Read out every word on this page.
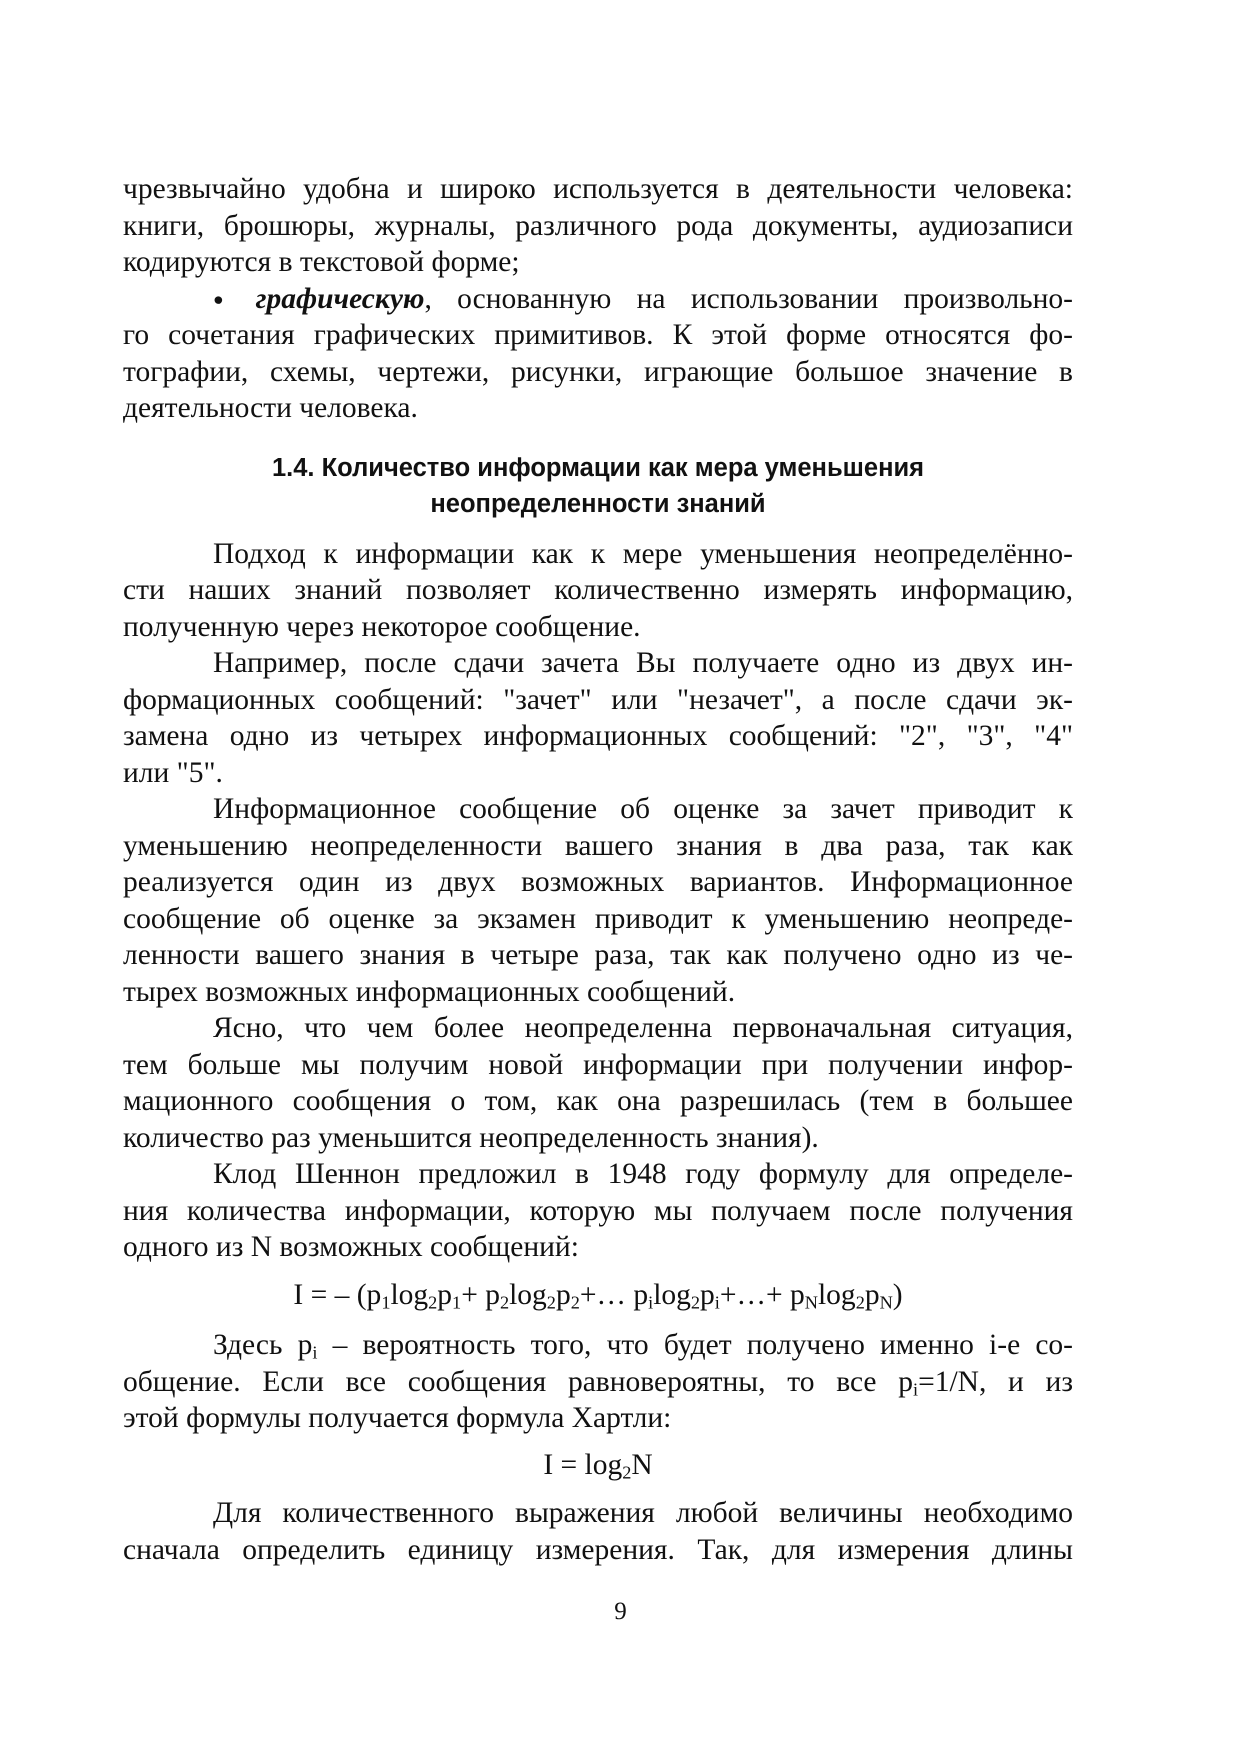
чрезвычайно удобна и широко используется в деятельности человека:
книги, брошюры, журналы, различного рода документы, аудиозаписи
кодируются в текстовой форме;
● графическую, основанную на использовании произвольно-
го сочетания графических примитивов. К этой форме относятся фо-
тографии, схемы, чертежи, рисунки, играющие большое значение в
деятельности человека.
1.4. Количество информации как мера уменьшения
неопределенности знаний
Подход к информации как к мере уменьшения неопределённо-
сти наших знаний позволяет количественно измерять информацию,
полученную через некоторое сообщение.
Например, после сдачи зачета Вы получаете одно из двух ин-
формационных сообщений: "зачет" или "незачет", а после сдачи эк-
замена одно из четырех информационных сообщений: "2", "3", "4"
или "5".
Информационное сообщение об оценке за зачет приводит к
уменьшению неопределенности вашего знания в два раза, так как
реализуется один из двух возможных вариантов. Информационное
сообщение об оценке за экзамен приводит к уменьшению неопреде-
ленности вашего знания в четыре раза, так как получено одно из че-
тырех возможных информационных сообщений.
Ясно, что чем более неопределенна первоначальная ситуация,
тем больше мы получим новой информации при получении инфор-
мационного сообщения о том, как она разрешилась (тем в большее
количество раз уменьшится неопределенность знания).
Клод Шеннон предложил в 1948 году формулу для определе-
ния количества информации, которую мы получаем после получения
одного из N возможных сообщений:
I = – ($p_1\log_2p_1+$ $p_2\log_2p_2+\dots$ $p_i\log_2p_i+\dots+ p_N\log_2p_N$)
Здесь $p_i$ – вероятность того, что будет получено именно i-е со-
общение. Если все сообщения равновероятны, то все $p_i=1/N$, и из
этой формулы получается формула Хартли:
$I = \log_2N$
Для количественного выражения любой величины необходимо
сначала определить единицу измерения. Так, для измерения длины
9
